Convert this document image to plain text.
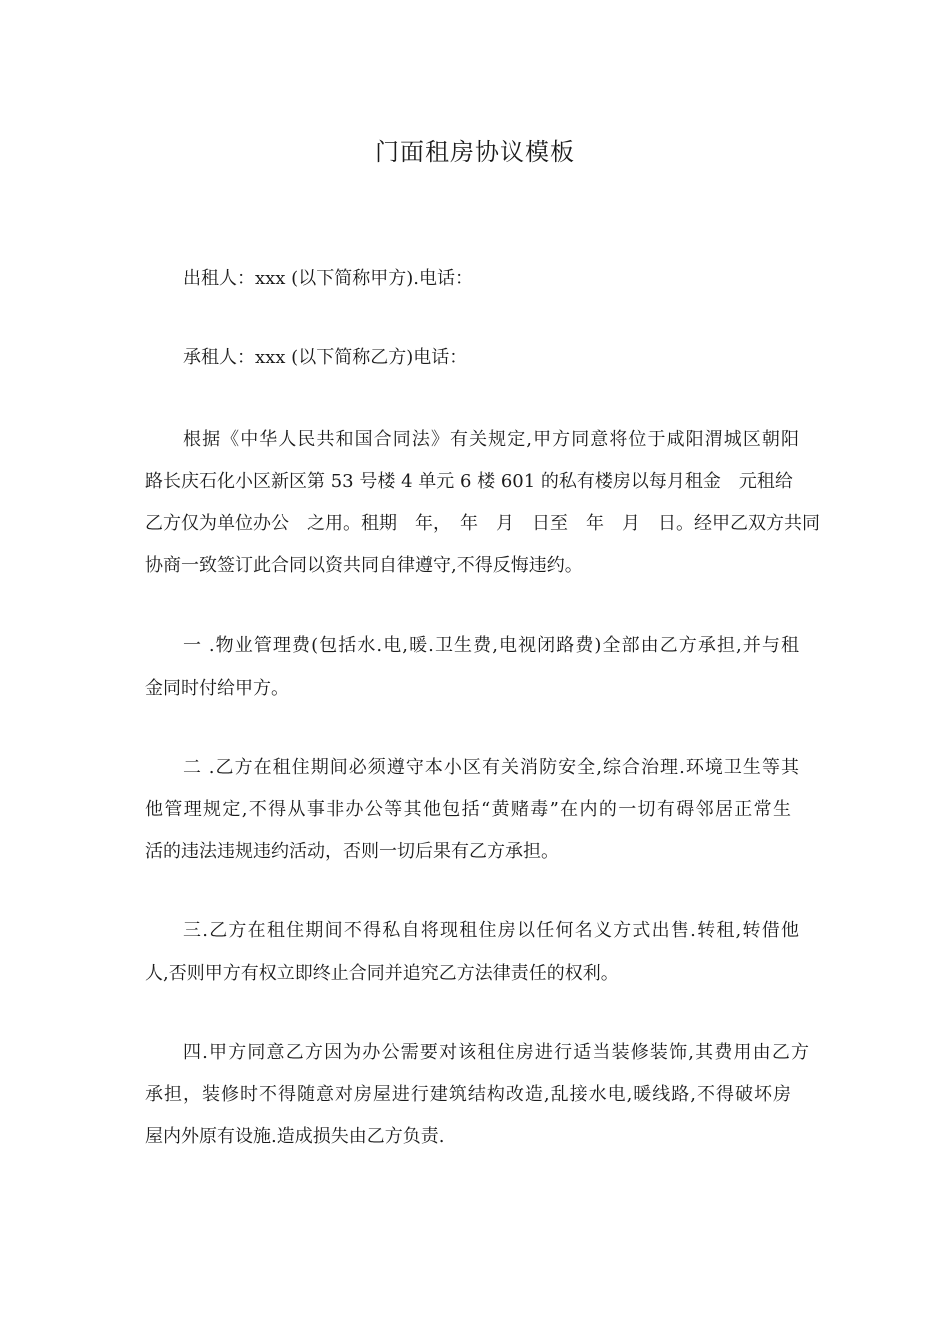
门面租房协议模板
出租人：xxx (以下简称甲方).电话：
承租人：xxx (以下简称乙方)电话：
根据《中华人民共和国合同法》有关规定,甲方同意将位于咸阳渭城区朝阳
路长庆石化小区新区第 53 号楼 4 单元 6 楼 601 的私有楼房以每月租金　元租给
乙方仅为单位办公　之用。租期　年，　年　月　日至　年　月　日。经甲乙双方共同
协商一致签订此合同以资共同自律遵守,不得反悔违约。
一 .物业管理费(包括水.电,暖.卫生费,电视闭路费)全部由乙方承担,并与租
金同时付给甲方。
二 .乙方在租住期间必须遵守本小区有关消防安全,综合治理.环境卫生等其
他管理规定,不得从事非办公等其他包括“黄赌毒”在内的一切有碍邻居正常生
活的违法违规违约活动，否则一切后果有乙方承担。
三.乙方在租住期间不得私自将现租住房以任何名义方式出售.转租,转借他
人,否则甲方有权立即终止合同并追究乙方法律责任的权利。
四.甲方同意乙方因为办公需要对该租住房进行适当装修装饰,其费用由乙方
承担，装修时不得随意对房屋进行建筑结构改造,乱接水电,暖线路,不得破坏房
屋内外原有设施.造成损失由乙方负责.
